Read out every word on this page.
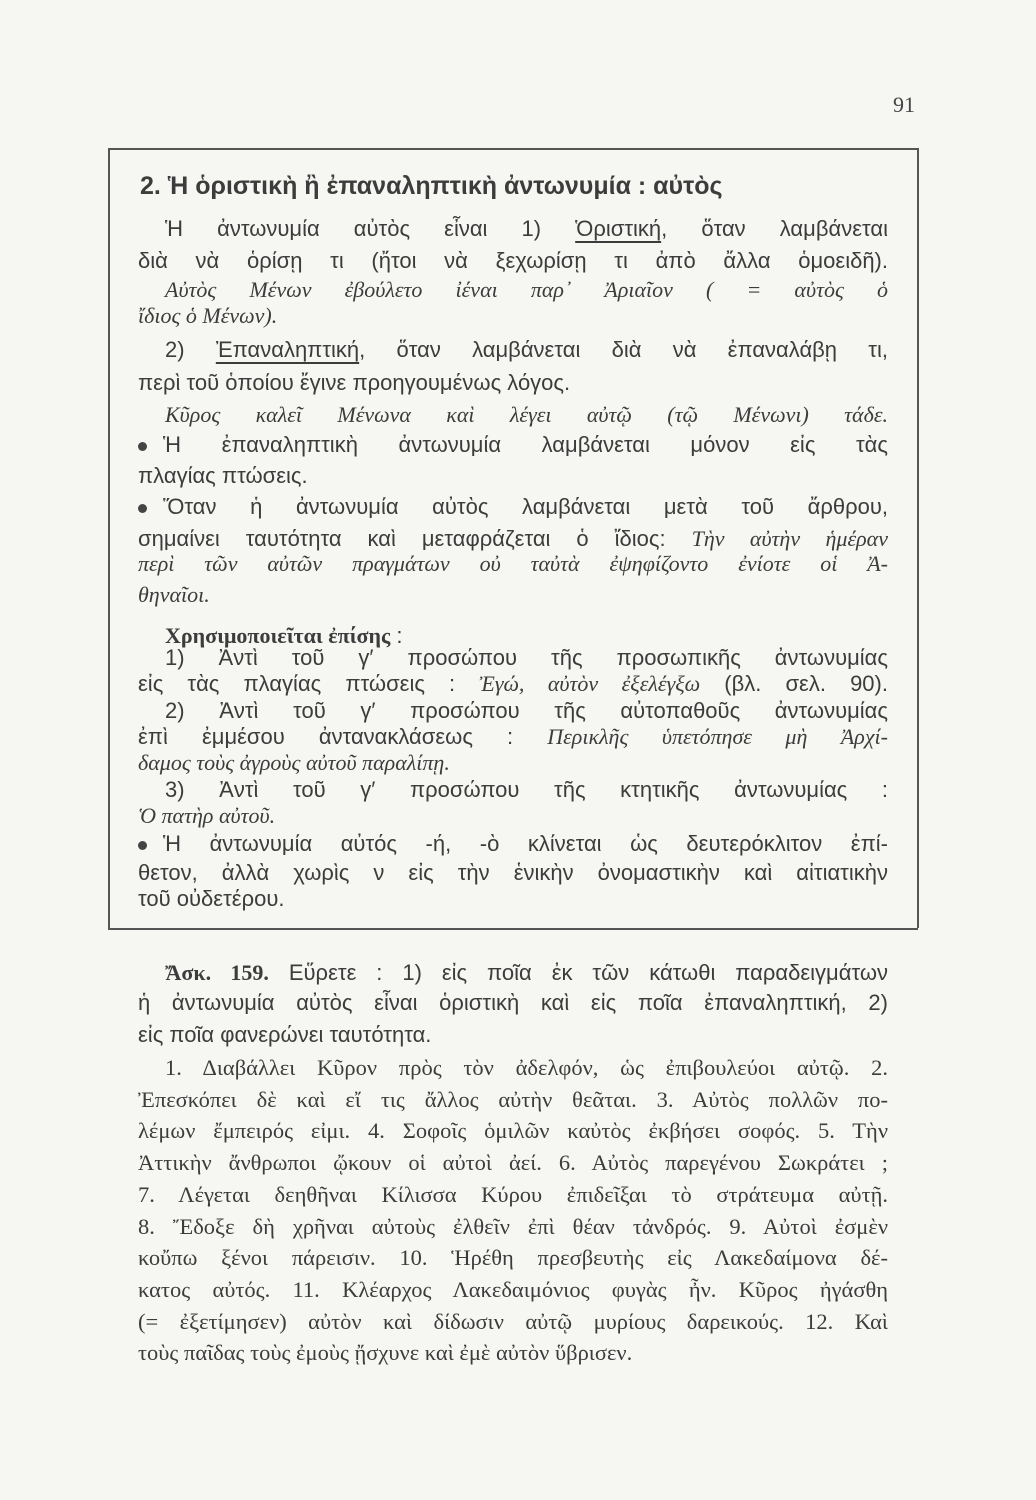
91
2. Ἡ ὁριστικὴ ἢ ἐπαναληπτικὴ ἀντωνυμία : αὐτὸς
Ἡ ἀντωνυμία αὐτὸς εἶναι 1) Ὁριστική, ὅταν λαμβάνεται
διὰ νὰ ὁρίσῃ τι (ἤτοι νὰ ξεχωρίσῃ τι ἀπὸ ἄλλα ὁμοειδῆ).
Αὐτὸς Μένων ἐβούλετο ἰέναι παρ᾽ Ἀριαῖον ( = αὐτὸς ὁ
ἴδιος ὁ Μένων).
2) Ἐπαναληπτική, ὅταν λαμβάνεται διὰ νὰ ἐπαναλάβῃ τι,
περὶ τοῦ ὁποίου ἔγινε προηγουμένως λόγος.
Κῦρος καλεῖ Μένωνα καὶ λέγει αὐτῷ (τῷ Μένωνι) τάδε.
Ἡ ἐπαναληπτικὴ ἀντωνυμία λαμβάνεται μόνον εἰς τὰς
πλαγίας πτώσεις.
Ὅταν ἡ ἀντωνυμία αὐτὸς λαμβάνεται μετὰ τοῦ ἄρθρου,
σημαίνει ταυτότητα καὶ μεταφράζεται ὁ ἴδιος: Τὴν αὐτὴν ἡμέραν
περὶ τῶν αὐτῶν πραγμάτων οὐ ταὐτὰ ἐψηφίζοντο ἐνίοτε οἱ Ἀ-
θηναῖοι.
Χρησιμοποιεῖται ἐπίσης :
1) Ἀντὶ τοῦ γ′ προσώπου τῆς προσωπικῆς ἀντωνυμίας
εἰς τὰς πλαγίας πτώσεις : Ἐγώ, αὐτὸν ἐξελέγξω (βλ. σελ. 90).
2) Ἀντὶ τοῦ γ′ προσώπου τῆς αὐτοπαθοῦς ἀντωνυμίας
ἐπὶ ἐμμέσου ἀντανακλάσεως : Περικλῆς ὑπετόπησε μὴ Ἀρχί-
δαμος τοὺς ἀγροὺς αὐτοῦ παραλίπῃ.
3) Ἀντὶ τοῦ γ′ προσώπου τῆς κτητικῆς ἀντωνυμίας :
Ὁ πατὴρ αὐτοῦ.
Ἡ ἀντωνυμία αὐτός -ή, -ὸ κλίνεται ὡς δευτερόκλιτον ἐπί-
θετον, ἀλλὰ χωρὶς ν εἰς τὴν ἑνικὴν ὀνομαστικὴν καὶ αἰτιατικὴν
τοῦ οὐδετέρου.
Ἄσκ. 159. Εὕρετε : 1) εἰς ποῖα ἐκ τῶν κάτωθι παραδειγμάτων
ἡ ἀντωνυμία αὐτὸς εἶναι ὁριστικὴ καὶ εἰς ποῖα ἐπαναληπτική, 2)
εἰς ποῖα φανερώνει ταυτότητα.
1. Διαβάλλει Κῦρον πρὸς τὸν ἀδελφόν, ὡς ἐπιβουλεύοι αὐτῷ. 2.
Ἐπεσκόπει δὲ καὶ εἴ τις ἄλλος αὐτὴν θεᾶται. 3. Αὐτὸς πολλῶν πο-
λέμων ἔμπειρός εἰμι. 4. Σοφοῖς ὁμιλῶν καὐτὸς ἐκβήσει σοφός. 5. Τὴν
Ἀττικὴν ἄνθρωποι ᾤκουν οἱ αὐτοὶ ἀεί. 6. Αὐτὸς παρεγένου Σωκράτει ;
7. Λέγεται δεηθῆναι Κίλισσα Κύρου ἐπιδεῖξαι τὸ στράτευμα αὐτῇ.
8. Ἔδοξε δὴ χρῆναι αὐτοὺς ἐλθεῖν ἐπὶ θέαν τἀνδρός. 9. Αὐτοὶ ἐσμὲν
κοὔπω ξένοι πάρεισιν. 10. Ἡρέθη πρεσβευτὴς εἰς Λακεδαίμονα δέ-
κατος αὐτός. 11. Κλέαρχος Λακεδαιμόνιος φυγὰς ἦν. Κῦρος ἠγάσθη
(= ἐξετίμησεν) αὐτὸν καὶ δίδωσιν αὐτῷ μυρίους δαρεικούς. 12. Καὶ
τοὺς παῖδας τοὺς ἐμοὺς ᾔσχυνε καὶ ἐμὲ αὐτὸν ὕβρισεν.
